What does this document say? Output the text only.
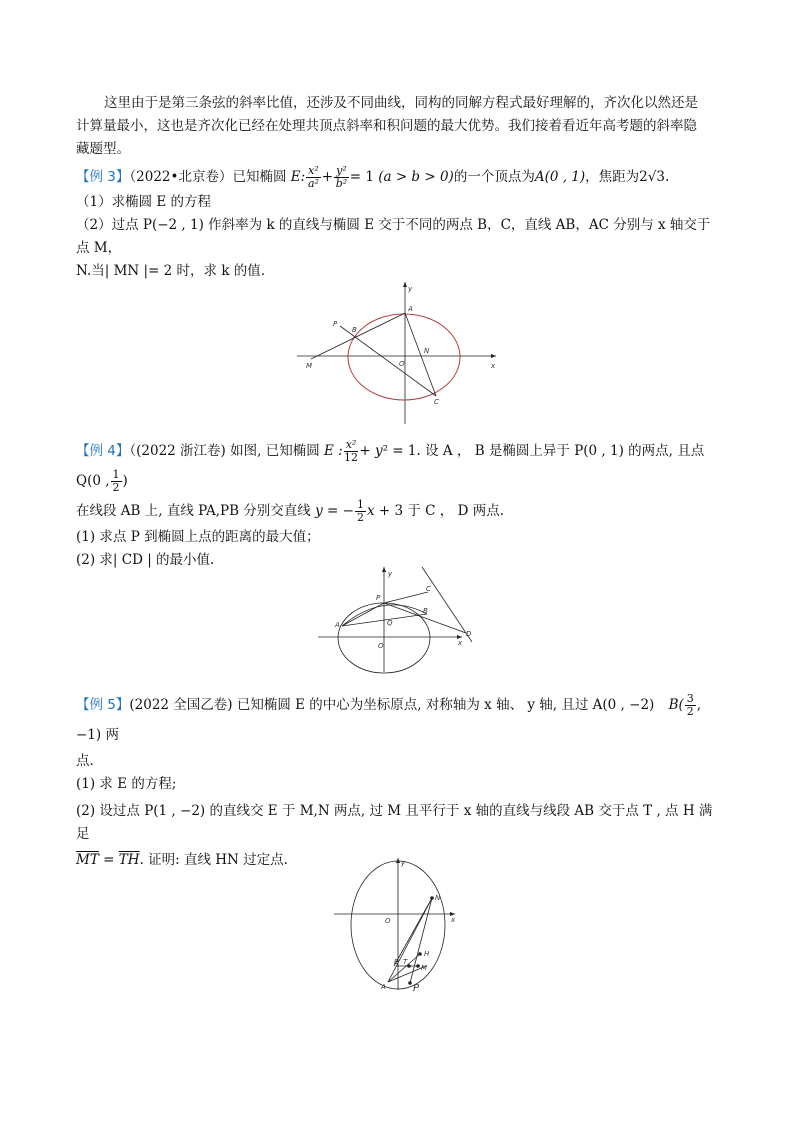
这里由于是第三条弦的斜率比值，还涉及不同曲线，同构的同解方程式最好理解的，齐次化以然还是
计算量最小，这也是齐次化已经在处理共顶点斜率和积问题的最大优势。我们接着看近年高考题的斜率隐
藏题型。
【例 3】（2022•北京卷）已知椭圆 E: $\frac{\text{x²}}{\text{a²}} + \frac{\text{y²}}{\text{b²}} = 1$ (a > b > 0)的一个顶点为A(0 , 1)，焦距为2√3.
（1）求椭圆 E 的方程
（2）过点 P(−2 , 1) 作斜率为 k 的直线与椭圆 E 交于不同的两点 B，C，直线 AB，AC 分别与 x 轴交于点 M，
N.当| MN |= 2 时，求 k 的值.
y
x
A
B
P
M	O
N
C
【例 4】（(2022 浙江卷) 如图, 已知椭圆 E : $\frac{\text{x²}}{12} + y^2 = 1$. 设 A ， B 是椭圆上异于 P(0 , 1) 的两点, 且点 Q(0 , $\frac{1}{2}$ )
在线段 AB 上, 直线 PA,PB 分别交直线 y = − $\frac{1}{2}$ x + 3 于 C ， D 两点.
(1) 求点 P 到椭圆上点的距离的最大值；
(2) 求| CD | 的最小值.
y
x
P
C
B
A	Q
O
D
【例 5】(2022 全国乙卷) 已知椭圆 E 的中心为坐标原点, 对称轴为 x 轴、 y 轴, 且过 A(0 , −2) $B( \frac{3}{2}$ , −1) 两
点.
(1) 求 E 的方程;
(2) 设过点 P(1 , −2) 的直线交 E 于 M,N 两点, 过 M 且平行于 x 轴的直线与线段 AB 交于点 T , 点 H 满足
$\overline{MT} = \overline{TH}$. 证明: 直线 HN 过定点.	y
x
O
N
H
T
M
B
A	P
